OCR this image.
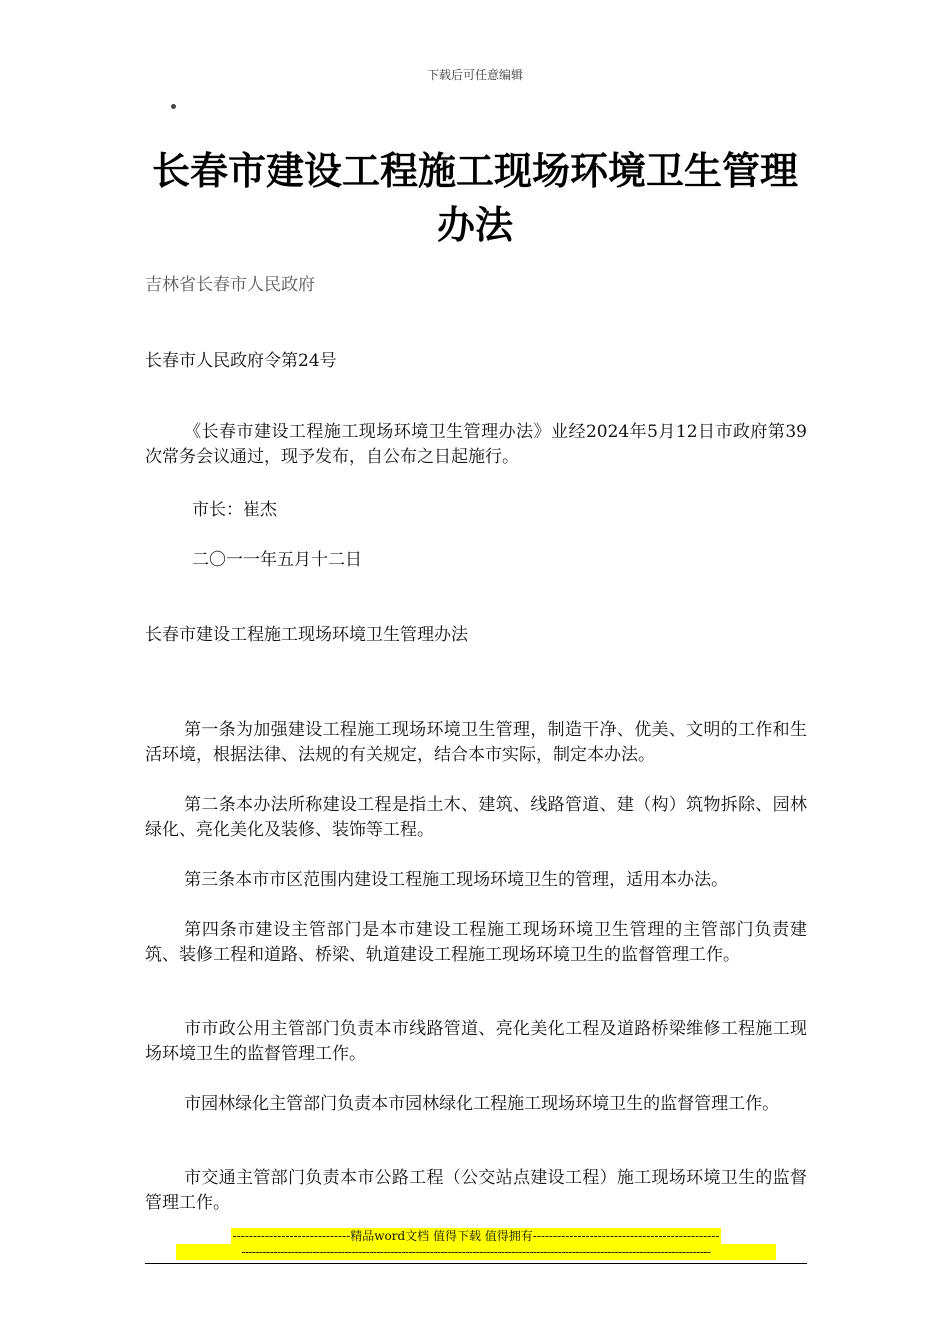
下载后可任意编辑
长春市建设工程施工现场环境卫生管理办法
吉林省长春市人民政府
长春市人民政府令第24号
《长春市建设工程施工现场环境卫生管理办法》业经2024年5月12日市政府第39次常务会议通过，现予发布，自公布之日起施行。
市长：崔杰
二〇一一年五月十二日
长春市建设工程施工现场环境卫生管理办法
第一条为加强建设工程施工现场环境卫生管理，制造干净、优美、文明的工作和生活环境，根据法律、法规的有关规定，结合本市实际，制定本办法。
第二条本办法所称建设工程是指土木、建筑、线路管道、建（构）筑物拆除、园林绿化、亮化美化及装修、装饰等工程。
第三条本市市区范围内建设工程施工现场环境卫生的管理，适用本办法。
第四条市建设主管部门是本市建设工程施工现场环境卫生管理的主管部门负责建筑、装修工程和道路、桥梁、轨道建设工程施工现场环境卫生的监督管理工作。
市市政公用主管部门负责本市线路管道、亮化美化工程及道路桥梁维修工程施工现场环境卫生的监督管理工作。
市园林绿化主管部门负责本市园林绿化工程施工现场环境卫生的监督管理工作。
市交通主管部门负责本市公路工程（公交站点建设工程）施工现场环境卫生的监督管理工作。
-----------------------------精品word文档 值得下载 值得拥有----------------------------------------------
------------------------------------------------------------------------------------------------------------------------------------
